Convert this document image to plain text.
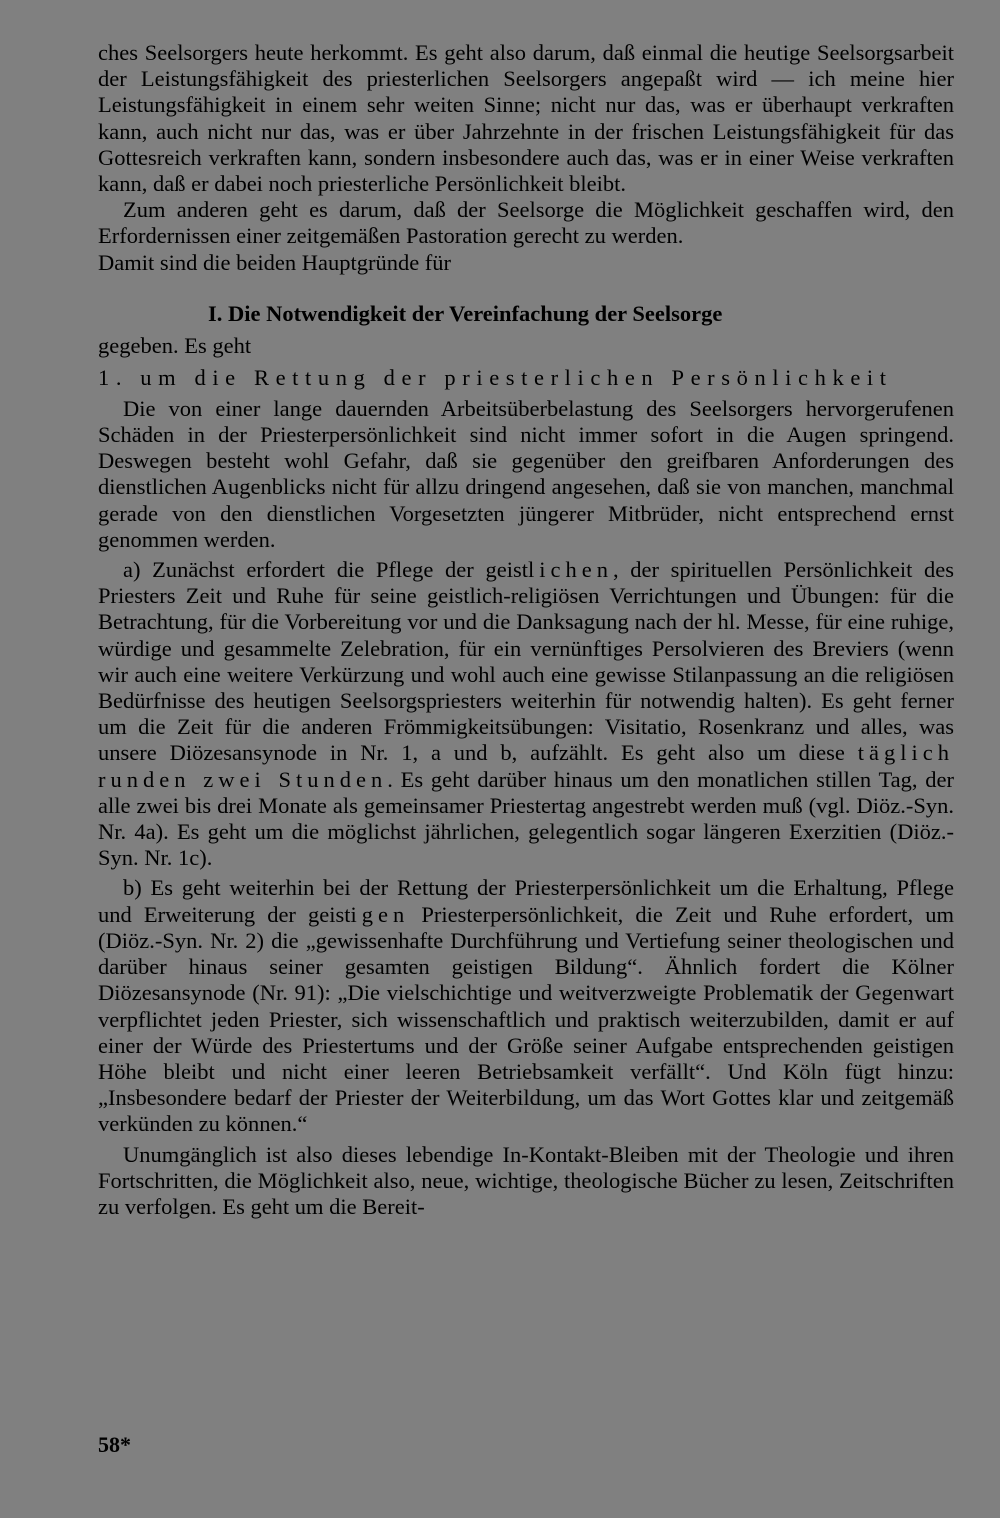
ches Seelsorgers heute herkommt. Es geht also darum, daß einmal die heutige Seelsorgsarbeit der Leistungsfähigkeit des priesterlichen Seelsorgers angepaßt wird — ich meine hier Leistungsfähigkeit in einem sehr weiten Sinne; nicht nur das, was er überhaupt verkraften kann, auch nicht nur das, was er über Jahrzehnte in der frischen Leistungsfähigkeit für das Gottesreich verkraften kann, sondern insbesondere auch das, was er in einer Weise verkraften kann, daß er dabei noch priesterliche Persönlichkeit bleibt.

Zum anderen geht es darum, daß der Seelsorge die Möglichkeit geschaffen wird, den Erfordernissen einer zeitgemäßen Pastoration gerecht zu werden.

Damit sind die beiden Hauptgründe für

I. Die Notwendigkeit der Vereinfachung der Seelsorge

gegeben. Es geht

1. um die Rettung der priesterlichen Persönlichkeit

Die von einer lange dauernden Arbeitsüberbelastung des Seelsorgers hervorgerufenen Schäden in der Priesterpersönlichkeit sind nicht immer sofort in die Augen springend. Deswegen besteht wohl Gefahr, daß sie gegenüber den greifbaren Anforderungen des dienstlichen Augenblicks nicht für allzu dringend angesehen, daß sie von manchen, manchmal gerade von den dienstlichen Vorgesetzten jüngerer Mitbrüder, nicht entsprechend ernst genommen werden.

a) Zunächst erfordert die Pflege der geistlichen, der spirituellen Persönlichkeit des Priesters Zeit und Ruhe für seine geistlich-religiösen Verrichtungen und Übungen: für die Betrachtung, für die Vorbereitung vor und die Danksagung nach der hl. Messe, für eine ruhige, würdige und gesammelte Zelebration, für ein vernünftiges Persolvieren des Breviers (wenn wir auch eine weitere Verkürzung und wohl auch eine gewisse Stilanpassung an die religiösen Bedürfnisse des heutigen Seelsorgspriesters weiterhin für notwendig halten). Es geht ferner um die Zeit für die anderen Frömmigkeitsübungen: Visitatio, Rosenkranz und alles, was unsere Diözesansynode in Nr. 1, a und b, aufzählt. Es geht also um diese täglich runden zwei Stunden. Es geht darüber hinaus um den monatlichen stillen Tag, der alle zwei bis drei Monate als gemeinsamer Priestertag angestrebt werden muß (vgl. Diöz.-Syn. Nr. 4a). Es geht um die möglichst jährlichen, gelegentlich sogar längeren Exerzitien (Diöz.-Syn. Nr. 1c).

b) Es geht weiterhin bei der Rettung der Priesterpersönlichkeit um die Erhaltung, Pflege und Erweiterung der geistigen Priesterpersönlichkeit, die Zeit und Ruhe erfordert, um (Diöz.-Syn. Nr. 2) die „gewissenhafte Durchführung und Vertiefung seiner theologischen und darüber hinaus seiner gesamten geistigen Bildung“. Ähnlich fordert die Kölner Diözesansynode (Nr. 91): „Die vielschichtige und weitverzweigte Problematik der Gegenwart verpflichtet jeden Priester, sich wissenschaftlich und praktisch weiterzubilden, damit er auf einer der Würde des Priestertums und der Größe seiner Aufgabe entsprechenden geistigen Höhe bleibt und nicht einer leeren Betriebsamkeit verfällt“. Und Köln fügt hinzu: „Insbesondere bedarf der Priester der Weiterbildung, um das Wort Gottes klar und zeitgemäß verkünden zu können.“

Unumgänglich ist also dieses lebendige In-Kontakt-Bleiben mit der Theologie und ihren Fortschritten, die Möglichkeit also, neue, wichtige, theologische Bücher zu lesen, Zeitschriften zu verfolgen. Es geht um die Bereit-

58*
